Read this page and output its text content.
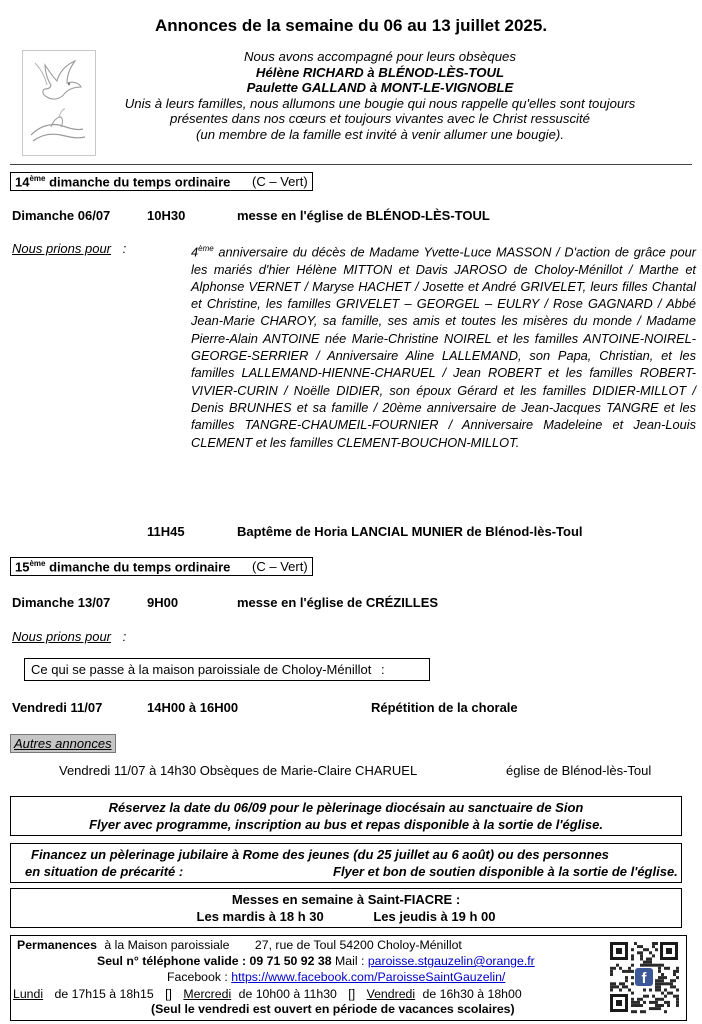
Annonces de la semaine du 06 au 13 juillet 2025.
Nous avons accompagné pour leurs obsèques
Hélène RICHARD à BLÉNOD-LÈS-TOUL
Paulette GALLAND à MONT-LE-VIGNOBLE
Unis à leurs familles, nous allumons une bougie qui nous rappelle qu'elles sont toujours
présentes dans nos cœurs et toujours vivantes avec le Christ ressuscité
(un membre de la famille est invité à venir allumer une bougie).
14ème dimanche du temps ordinaire (C – Vert)
Dimanche 06/07	10H30	messe en l'église de BLÉNOD-LÈS-TOUL
Nous prions pour :	4ème anniversaire du décès de Madame Yvette-Luce MASSON / D'action de grâce pour les mariés d'hier Hélène MITTON et Davis JAROSO de Choloy-Ménillot / Marthe et Alphonse VERNET / Maryse HACHET / Josette et André GRIVELET, leurs filles Chantal et Christine, les familles GRIVELET – GEORGEL – EULRY / Rose GAGNARD / Abbé Jean-Marie CHAROY, sa famille, ses amis et toutes les misères du monde / Madame Pierre-Alain ANTOINE née Marie-Christine NOIREL et les familles ANTOINE-NOIREL-GEORGE-SERRIER / Anniversaire Aline LALLEMAND, son Papa, Christian, et les familles LALLEMAND-HIENNE-CHARUEL / Jean ROBERT et les familles ROBERT-VIVIER-CURIN / Noëlle DIDIER, son époux Gérard et les familles DIDIER-MILLOT / Denis BRUNHES et sa famille / 20ème anniversaire de Jean-Jacques TANGRE et les familles TANGRE-CHAUMEIL-FOURNIER / Anniversaire Madeleine et Jean-Louis CLEMENT et les familles CLEMENT-BOUCHON-MILLOT.
11H45	Baptême de Horia LANCIAL MUNIER de Blénod-lès-Toul
15ème dimanche du temps ordinaire (C – Vert)
Dimanche 13/07	9H00	messe en l'église de CRÉZILLES
Nous prions pour :
Ce qui se passe à la maison paroissiale de Choloy-Ménillot :
Vendredi 11/07	14H00 à 16H00	Répétition de la chorale
Autres annonces
Vendredi 11/07 à 14h30 Obsèques de Marie-Claire CHARUEL	église de Blénod-lès-Toul
Réservez la date du 06/09 pour le pèlerinage diocésain au sanctuaire de Sion
Flyer avec programme, inscription au bus et repas disponible à la sortie de l'église.
Financez un pèlerinage jubilaire à Rome des jeunes (du 25 juillet au 6 août) ou des personnes
en situation de précarité :	Flyer et bon de soutien disponible à la sortie de l'église.
Messes en semaine à Saint-FIACRE :
Les mardis à 18 h 30	Les jeudis à 19 h 00
Permanences à la Maison paroissiale 27, rue de Toul 54200 Choloy-Ménillot
Seul n° téléphone valide : 09 71 50 92 38 Mail : paroisse.stgauzelin@orange.fr
Facebook : https://www.facebook.com/ParoisseSaintGauzelin/
Lundi de 17h15 à 18h15 [] Mercredi de 10h00 à 11h30 [] Vendredi de 16h30 à 18h00
(Seul le vendredi est ouvert en période de vacances scolaires)
f
